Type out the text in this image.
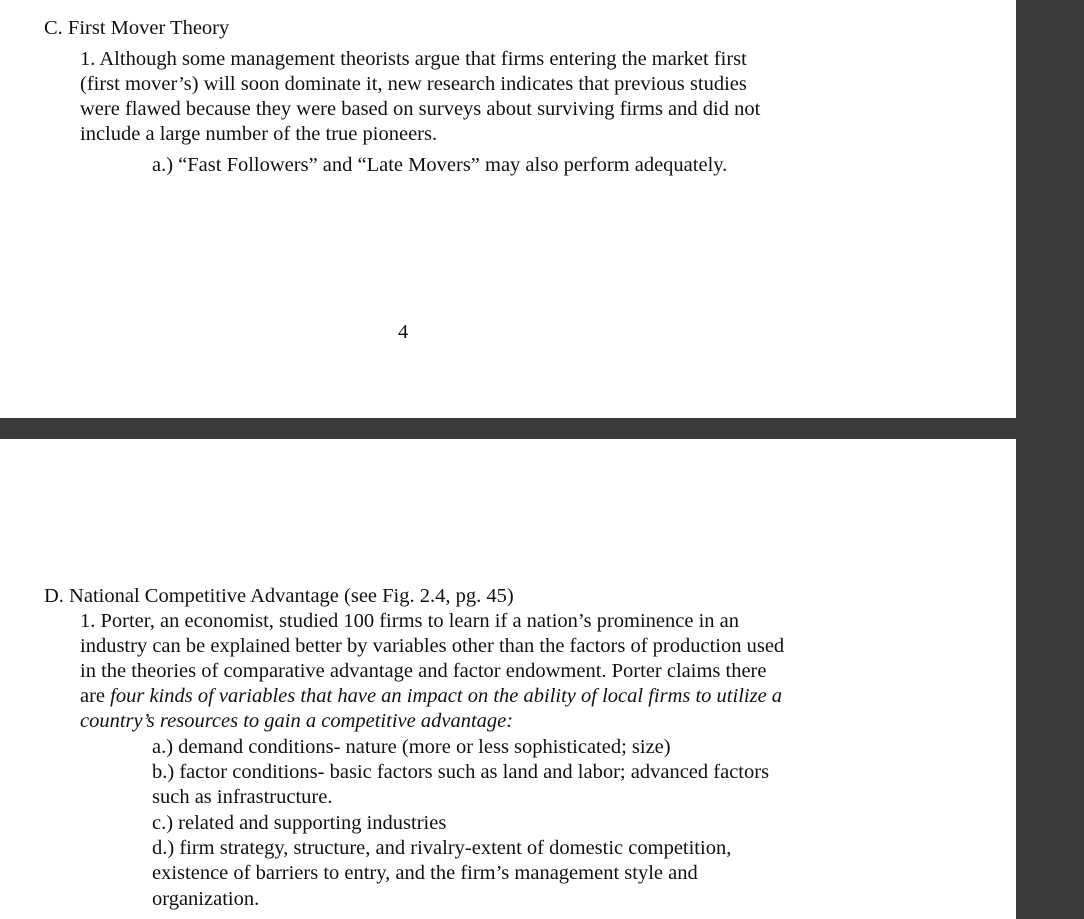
C. First Mover Theory

1. Although some management theorists argue that firms entering the market first

(first mover’s) will soon dominate it, new research indicates that previous studies

were flawed because they were based on surveys about surviving firms and did not

include a large number of the true pioneers.

a.) “Fast Followers” and “Late Movers” may also perform adequately.

4

D. National Competitive Advantage (see Fig. 2.4, pg. 45)

1. Porter, an economist, studied 100 firms to learn if a nation’s prominence in an

industry can be explained better by variables other than the factors of production used

in the theories of comparative advantage and factor endowment. Porter claims there

are four kinds of variables that have an impact on the ability of local firms to utilize a

country’s resources to gain a competitive advantage:

a.) demand conditions- nature (more or less sophisticated; size)

b.) factor conditions- basic factors such as land and labor; advanced factors

such as infrastructure.

c.) related and supporting industries

d.) firm strategy, structure, and rivalry-extent of domestic competition,

existence of barriers to entry, and the firm’s management style and

organization.
